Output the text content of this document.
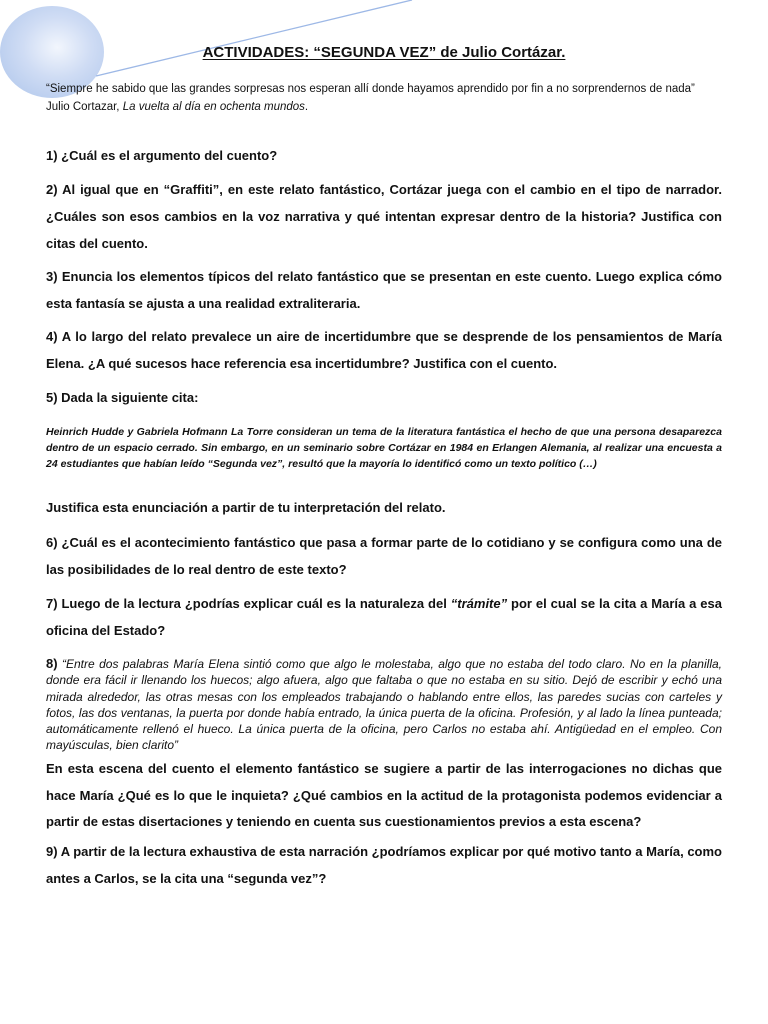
ACTIVIDADES: “SEGUNDA VEZ” de Julio Cortázar.
“Siempre he sabido que las grandes sorpresas nos esperan allí donde hayamos aprendido por fin a no sorprendernos de nada”
Julio Cortazar, La vuelta al día en ochenta mundos.
1) ¿Cuál es el argumento del cuento?
2) Al igual que en “Graffiti”, en este relato fantástico, Cortázar juega con el cambio en el tipo de narrador. ¿Cuáles son esos cambios en la voz narrativa y qué intentan expresar dentro de la historia? Justifica con citas del cuento.
3) Enuncia los elementos típicos del relato fantástico que se presentan en este cuento. Luego explica cómo esta fantasía se ajusta a una realidad extraliteraria.
4) A lo largo del relato prevalece un aire de incertidumbre que se desprende de los pensamientos de María Elena. ¿A qué sucesos hace referencia esa incertidumbre? Justifica con el cuento.
5) Dada la siguiente cita:
Heinrich Hudde y Gabriela Hofmann La Torre consideran un tema de la literatura fantástica el hecho de que una persona desaparezca dentro de un espacio cerrado. Sin embargo, en un seminario sobre Cortázar en 1984 en Erlangen Alemania, al realizar una encuesta a 24 estudiantes que habían leído “Segunda vez”, resultó que la mayoría lo identificó como un texto político (…)
Justifica esta enunciación a partir de tu interpretación del relato.
6) ¿Cuál es el acontecimiento fantástico que pasa a formar parte de lo cotidiano y se configura como una de las posibilidades de lo real dentro de este texto?
7) Luego de la lectura ¿podrías explicar cuál es la naturaleza del “trámite” por el cual se la cita a María a esa oficina del Estado?
8) “Entre dos palabras María Elena sintió como que algo le molestaba, algo que no estaba del todo claro. No en la planilla, donde era fácil ir llenando los huecos; algo afuera, algo que faltaba o que no estaba en su sitio. Dejó de escribir y echó una mirada alrededor, las otras mesas con los empleados trabajando o hablando entre ellos, las paredes sucias con carteles y fotos, las dos ventanas, la puerta por donde había entrado, la única puerta de la oficina. Profesión, y al lado la línea punteada; automáticamente rellenó el hueco. La única puerta de la oficina, pero Carlos no estaba ahí. Antigüedad en el empleo. Con mayúsculas, bien clarito”
En esta escena del cuento el elemento fantástico se sugiere a partir de las interrogaciones no dichas que hace María ¿Qué es lo que le inquieta? ¿Qué cambios en la actitud de la protagonista podemos evidenciar a partir de estas disertaciones y teniendo en cuenta sus cuestionamientos previos a esta escena?
9) A partir de la lectura exhaustiva de esta narración ¿podríamos explicar por qué motivo tanto a María, como antes a Carlos, se la cita una “segunda vez”?
